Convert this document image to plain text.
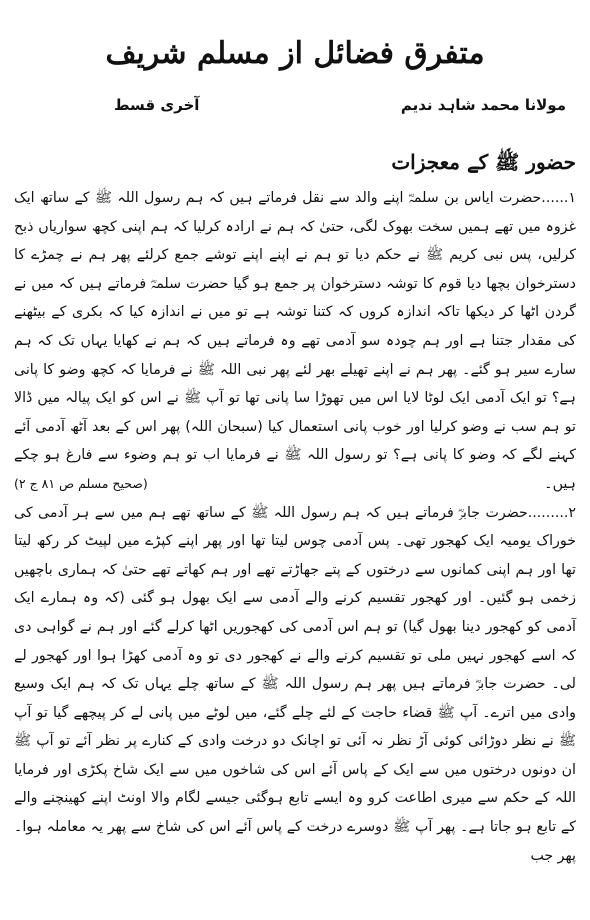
متفرق فضائل از مسلم شریف
مولانا محمد شاہد ندیم
آخری قسط
حضور ﷺ کے معجزات

۱......حضرت ایاس بن سلمہؓ اپنے والد سے نقل فرماتے ہیں کہ ہم رسول اللہ ﷺ کے ساتھ ایک غزوہ میں تھے ہمیں سخت بھوک لگی، حتیٰ کہ ہم نے ارادہ کرلیا کہ ہم اپنی کچھ سواریاں ذبح کرلیں، پس نبی کریم ﷺ نے حکم دیا تو ہم نے اپنے اپنے توشے جمع کرلئے پھر ہم نے چمڑے کا دسترخوان بچھا دیا قوم کا توشہ دسترخوان پر جمع ہو گیا حضرت سلمہؓ فرماتے ہیں کہ میں نے گردن اٹھا کر دیکھا تاکہ اندازہ کروں کہ کتنا توشہ ہے تو میں نے اندازہ کیا کہ بکری کے بیٹھنے کی مقدار جتنا ہے اور ہم چودہ سو آدمی تھے وہ فرماتے ہیں کہ ہم نے کھایا یہاں تک کہ ہم سارے سیر ہو گئے۔ پھر ہم نے اپنے تھیلے بھر لئے پھر نبی اللہ ﷺ نے فرمایا کہ کچھ وضو کا پانی ہے؟ تو ایک آدمی ایک لوٹا لایا اس میں تھوڑا سا پانی تھا تو آپ ﷺ نے اس کو ایک پیالہ میں ڈالا تو ہم سب نے وضو کرلیا اور خوب پانی استعمال کیا (سبحان اللہ) پھر اس کے بعد آٹھ آدمی آئے کہنے لگے کہ وضو کا پانی ہے؟ تو رسول اللہ ﷺ نے فرمایا اب تو ہم وضوء سے فارغ ہو چکے ہیں۔
(صحیح مسلم ص ۸۱ ج ۲)

۲.........حضرت جابرؓ فرماتے ہیں کہ ہم رسول اللہ ﷺ کے ساتھ تھے ہم میں سے ہر آدمی کی خوراک یومیہ ایک کھجور تھی۔ پس آدمی چوس لیتا تھا اور پھر اپنے کپڑے میں لپیٹ کر رکھ لیتا تھا اور ہم اپنی کمانوں سے درختوں کے پتے جھاڑتے تھے اور ہم کھاتے تھے حتیٰ کہ ہماری باچھیں زخمی ہو گئیں۔ اور کھجور تقسیم کرنے والے آدمی سے ایک بھول ہو گئی (کہ وہ ہمارے ایک آدمی کو کھجور دینا بھول گیا) تو ہم اس آدمی کی کھجوریں اٹھا کرلے گئے اور ہم نے گواہی دی کہ اسے کھجور نہیں ملی تو تقسیم کرنے والے نے کھجور دی تو وہ آدمی کھڑا ہوا اور کھجور لے لی۔ حضرت جابرؓ فرماتے ہیں پھر ہم رسول اللہ ﷺ کے ساتھ چلے یہاں تک کہ ہم ایک وسیع وادی میں اترے۔ آپ ﷺ قضاء حاجت کے لئے چلے گئے، میں لوٹے میں پانی لے کر پیچھے گیا تو آپ ﷺ نے نظر دوڑائی کوئی آڑ نظر نہ آئی تو اچانک دو درخت وادی کے کنارے پر نظر آئے تو آپ ﷺ ان دونوں درختوں میں سے ایک کے پاس آئے اس کی شاخوں میں سے ایک شاخ پکڑی اور فرمایا اللہ کے حکم سے میری اطاعت کرو وہ ایسے تابع ہوگئی جیسے لگام والا اونٹ اپنے کھینچنے والے کے تابع ہو جاتا ہے۔ پھر آپ ﷺ دوسرے درخت کے پاس آئے اس کی شاخ سے پھر یہ معاملہ ہوا۔ پھر جب
